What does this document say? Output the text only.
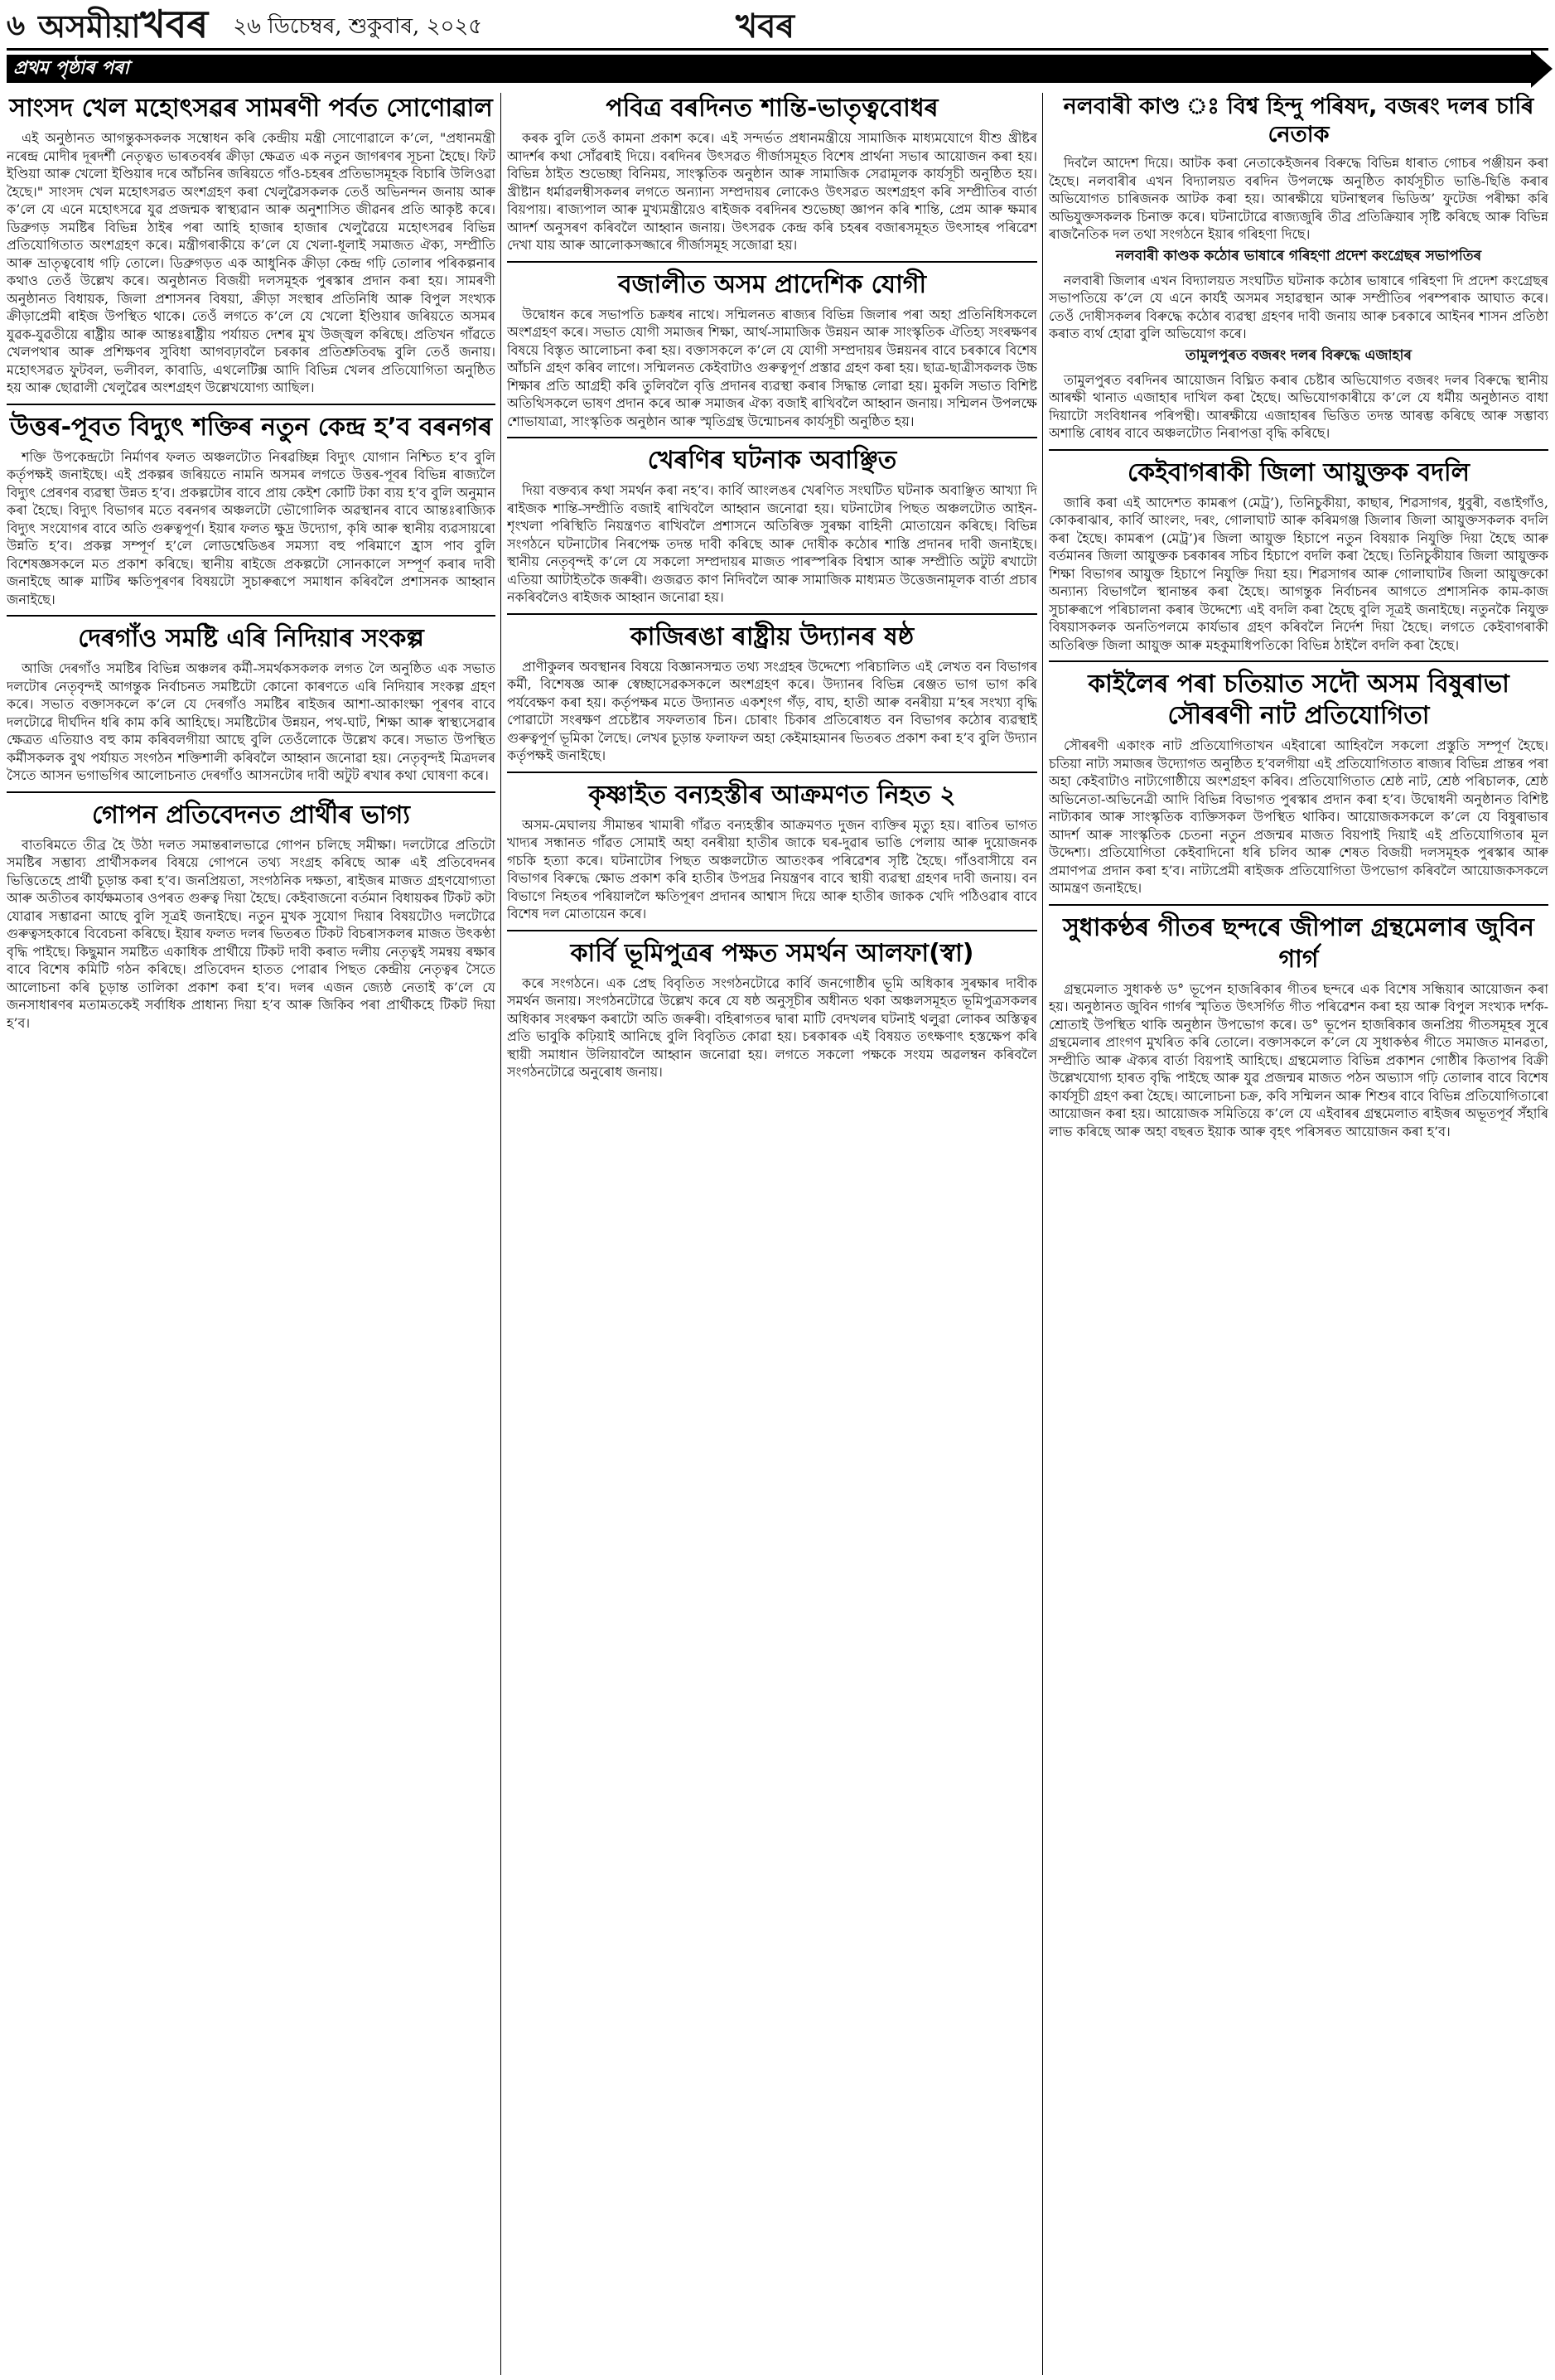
৬ অসমীয়াখবৰ ২৬ ডিচেম্বৰ, শুকুবাৰ, ২০২৫	খবৰ
প্ৰথম পৃষ্ঠাৰ পৰা
সাংসদ খেল মহোৎসৱৰ সামৰণী পৰ্বত সোণোৱাল

এই অনুষ্ঠানত আগন্তুকসকলক সম্বোধন কৰি কেন্দ্ৰীয় মন্ত্ৰী সোণোৱালে ক’লে, "প্ৰধানমন্ত্ৰী নৰেন্দ্ৰ মোদীৰ দূৰদৰ্শী নেতৃত্বত ভাৰতবৰ্ষৰ ক্ৰীড়া ক্ষেত্ৰত এক নতুন জাগৰণৰ সূচনা হৈছে। ফিট ইণ্ডিয়া আৰু খেলো ইণ্ডিয়াৰ দৰে আঁচনিৰ জৰিয়তে গাঁও-চহৰৰ প্ৰতিভাসমূহক বিচাৰি উলিওৱা হৈছে।" সাংসদ খেল মহোৎসৱত অংশগ্ৰহণ কৰা খেলুৱৈসকলক তেওঁ অভিনন্দন জনায় আৰু ক’লে যে এনে মহোৎসৱে যুৱ প্ৰজন্মক স্বাস্থ্যৱান আৰু অনুশাসিত জীৱনৰ প্ৰতি আকৃষ্ট কৰে। ডিব্ৰুগড় সমষ্টিৰ বিভিন্ন ঠাইৰ পৰা আহি হাজাৰ হাজাৰ খেলুৱৈয়ে মহোৎসৱৰ বিভিন্ন প্ৰতিযোগিতাত অংশগ্ৰহণ কৰে। মন্ত্ৰীগৰাকীয়ে ক’লে যে খেলা-ধূলাই সমাজত ঐক্য, সম্প্ৰীতি আৰু ভ্ৰাতৃত্ববোধ গঢ়ি তোলে। ডিব্ৰুগড়ত এক আধুনিক ক্ৰীড়া কেন্দ্ৰ গঢ়ি তোলাৰ পৰিকল্পনাৰ কথাও তেওঁ উল্লেখ কৰে। অনুষ্ঠানত বিজয়ী দলসমূহক পুৰস্কাৰ প্ৰদান কৰা হয়। সামৰণী অনুষ্ঠানত বিধায়ক, জিলা প্ৰশাসনৰ বিষয়া, ক্ৰীড়া সংস্থাৰ প্ৰতিনিধি আৰু বিপুল সংখ্যক ক্ৰীড়াপ্ৰেমী ৰাইজ উপস্থিত থাকে। তেওঁ লগতে ক’লে যে খেলো ইণ্ডিয়াৰ জৰিয়তে অসমৰ যুৱক-যুৱতীয়ে ৰাষ্ট্ৰীয় আৰু আন্তঃৰাষ্ট্ৰীয় পৰ্যায়ত দেশৰ মুখ উজ্জ্বল কৰিছে। প্ৰতিখন গাঁৱতে খেলপথাৰ আৰু প্ৰশিক্ষণৰ সুবিধা আগবঢ়াবলৈ চৰকাৰ প্ৰতিশ্ৰুতিবদ্ধ বুলি তেওঁ জনায়। মহোৎসৱত ফুটবল, ভলীবল, কাবাডি, এথলেটিক্স আদি বিভিন্ন খেলৰ প্ৰতিযোগিতা অনুষ্ঠিত হয় আৰু ছোৱালী খেলুৱৈৰ অংশগ্ৰহণ উল্লেখযোগ্য আছিল।

উত্তৰ-পূবত বিদ্যুৎ শক্তিৰ নতুন কেন্দ্ৰ হ’ব বৰনগৰ

শক্তি উপকেন্দ্ৰটো নিৰ্মাণৰ ফলত অঞ্চলটোত নিৰৱচ্ছিন্ন বিদ্যুৎ যোগান নিশ্চিত হ’ব বুলি কৰ্তৃপক্ষই জনাইছে। এই প্ৰকল্পৰ জৰিয়তে নামনি অসমৰ লগতে উত্তৰ-পূবৰ বিভিন্ন ৰাজ্যলৈ বিদ্যুৎ প্ৰেৰণৰ ব্যৱস্থা উন্নত হ’ব। প্ৰকল্পটোৰ বাবে প্ৰায় কেইশ কোটি টকা ব্যয় হ’ব বুলি অনুমান কৰা হৈছে। বিদ্যুৎ বিভাগৰ মতে বৰনগৰ অঞ্চলটো ভৌগোলিক অৱস্থানৰ বাবে আন্তঃৰাজ্যিক বিদ্যুৎ সংযোগৰ বাবে অতি গুৰুত্বপূৰ্ণ। ইয়াৰ ফলত ক্ষুদ্ৰ উদ্যোগ, কৃষি আৰু স্থানীয় ব্যৱসায়ৰো উন্নতি হ’ব। প্ৰকল্প সম্পূৰ্ণ হ’লে লোডশ্বেডিঙৰ সমস্যা বহু পৰিমাণে হ্ৰাস পাব বুলি বিশেষজ্ঞসকলে মত প্ৰকাশ কৰিছে। স্থানীয় ৰাইজে প্ৰকল্পটো সোনকালে সম্পূৰ্ণ কৰাৰ দাবী জনাইছে আৰু মাটিৰ ক্ষতিপূৰণৰ বিষয়টো সুচাৰুৰূপে সমাধান কৰিবলৈ প্ৰশাসনক আহ্বান জনাইছে।

দেৰগাঁও সমষ্টি এৰি নিদিয়াৰ সংকল্প

আজি দেৰগাঁও সমষ্টিৰ বিভিন্ন অঞ্চলৰ কৰ্মী-সমৰ্থকসকলক লগত লৈ অনুষ্ঠিত এক সভাত দলটোৰ নেতৃবৃন্দই আগন্তুক নিৰ্বাচনত সমষ্টিটো কোনো কাৰণতে এৰি নিদিয়াৰ সংকল্প গ্ৰহণ কৰে। সভাত বক্তাসকলে ক’লে যে দেৰগাঁও সমষ্টিৰ ৰাইজৰ আশা-আকাংক্ষা পূৰণৰ বাবে দলটোৱে দীৰ্ঘদিন ধৰি কাম কৰি আহিছে। সমষ্টিটোৰ উন্নয়ন, পথ-ঘাট, শিক্ষা আৰু স্বাস্থ্যসেৱাৰ ক্ষেত্ৰত এতিয়াও বহু কাম কৰিবলগীয়া আছে বুলি তেওঁলোকে উল্লেখ কৰে। সভাত উপস্থিত কৰ্মীসকলক বুথ পৰ্যায়ত সংগঠন শক্তিশালী কৰিবলৈ আহ্বান জনোৱা হয়। নেতৃবৃন্দই মিত্ৰদলৰ সৈতে আসন ভগাভগিৰ আলোচনাত দেৰগাঁও আসনটোৰ দাবী অটুট ৰখাৰ কথা ঘোষণা কৰে।

গোপন প্ৰতিবেদনত প্ৰাৰ্থীৰ ভাগ্য

বাতৰিমতে তীব্ৰ হৈ উঠা দলত সমান্তৰালভাৱে গোপন চলিছে সমীক্ষা। দলটোৱে প্ৰতিটো সমষ্টিৰ সম্ভাব্য প্ৰাৰ্থীসকলৰ বিষয়ে গোপনে তথ্য সংগ্ৰহ কৰিছে আৰু এই প্ৰতিবেদনৰ ভিত্তিতেহে প্ৰাৰ্থী চূড়ান্ত কৰা হ’ব। জনপ্ৰিয়তা, সংগঠনিক দক্ষতা, ৰাইজৰ মাজত গ্ৰহণযোগ্যতা আৰু অতীতৰ কাৰ্যক্ষমতাৰ ওপৰত গুৰুত্ব দিয়া হৈছে। কেইবাজনো বৰ্তমান বিধায়কৰ টিকট কটা যোৱাৰ সম্ভাৱনা আছে বুলি সূত্ৰই জনাইছে। নতুন মুখক সুযোগ দিয়াৰ বিষয়টোও দলটোৱে গুৰুত্বসহকাৰে বিবেচনা কৰিছে। ইয়াৰ ফলত দলৰ ভিতৰত টিকট বিচৰাসকলৰ মাজত উৎকণ্ঠা বৃদ্ধি পাইছে। কিছুমান সমষ্টিত একাধিক প্ৰাৰ্থীয়ে টিকট দাবী কৰাত দলীয় নেতৃত্বই সমন্বয় ৰক্ষাৰ বাবে বিশেষ কমিটি গঠন কৰিছে। প্ৰতিবেদন হাতত পোৱাৰ পিছত কেন্দ্ৰীয় নেতৃত্বৰ সৈতে আলোচনা কৰি চূড়ান্ত তালিকা প্ৰকাশ কৰা হ’ব। দলৰ এজন জ্যেষ্ঠ নেতাই ক’লে যে জনসাধাৰণৰ মতামতকেই সৰ্বাধিক প্ৰাধান্য দিয়া হ’ব আৰু জিকিব পৰা প্ৰাৰ্থীকহে টিকট দিয়া হ’ব।

পবিত্ৰ বৰদিনত শান্তি-ভাতৃত্ববোধৰ

কৰক বুলি তেওঁ কামনা প্ৰকাশ কৰে। এই সন্দৰ্ভত প্ৰধানমন্ত্ৰীয়ে সামাজিক মাধ্যমযোগে যীশু খ্ৰীষ্টৰ আদৰ্শৰ কথা সোঁৱৰাই দিয়ে। বৰদিনৰ উৎসৱত গীৰ্জাসমূহত বিশেষ প্ৰাৰ্থনা সভাৰ আয়োজন কৰা হয়। বিভিন্ন ঠাইত শুভেচ্ছা বিনিময়, সাংস্কৃতিক অনুষ্ঠান আৰু সামাজিক সেৱামূলক কাৰ্যসূচী অনুষ্ঠিত হয়। খ্ৰীষ্টান ধৰ্মাৱলম্বীসকলৰ লগতে অন্যান্য সম্প্ৰদায়ৰ লোকেও উৎসৱত অংশগ্ৰহণ কৰি সম্প্ৰীতিৰ বাৰ্তা বিয়পায়। ৰাজ্যপাল আৰু মুখ্যমন্ত্ৰীয়েও ৰাইজক বৰদিনৰ শুভেচ্ছা জ্ঞাপন কৰি শান্তি, প্ৰেম আৰু ক্ষমাৰ আদৰ্শ অনুসৰণ কৰিবলৈ আহ্বান জনায়। উৎসৱক কেন্দ্ৰ কৰি চহৰৰ বজাৰসমূহত উৎসাহৰ পৰিৱেশ দেখা যায় আৰু আলোকসজ্জাৰে গীৰ্জাসমূহ সজোৱা হয়।

বজালীত অসম প্ৰাদেশিক যোগী

উদ্বোধন কৰে সভাপতি চক্ৰধৰ নাথে। সন্মিলনত ৰাজ্যৰ বিভিন্ন জিলাৰ পৰা অহা প্ৰতিনিধিসকলে অংশগ্ৰহণ কৰে। সভাত যোগী সমাজৰ শিক্ষা, আৰ্থ-সামাজিক উন্নয়ন আৰু সাংস্কৃতিক ঐতিহ্য সংৰক্ষণৰ বিষয়ে বিস্তৃত আলোচনা কৰা হয়। বক্তাসকলে ক’লে যে যোগী সম্প্ৰদায়ৰ উন্নয়নৰ বাবে চৰকাৰে বিশেষ আঁচনি গ্ৰহণ কৰিব লাগে। সন্মিলনত কেইবাটাও গুৰুত্বপূৰ্ণ প্ৰস্তাৱ গ্ৰহণ কৰা হয়। ছাত্ৰ-ছাত্ৰীসকলক উচ্চ শিক্ষাৰ প্ৰতি আগ্ৰহী কৰি তুলিবলৈ বৃত্তি প্ৰদানৰ ব্যৱস্থা কৰাৰ সিদ্ধান্ত লোৱা হয়। মুকলি সভাত বিশিষ্ট অতিথিসকলে ভাষণ প্ৰদান কৰে আৰু সমাজৰ ঐক্য বজাই ৰাখিবলৈ আহ্বান জনায়। সন্মিলন উপলক্ষে শোভাযাত্ৰা, সাংস্কৃতিক অনুষ্ঠান আৰু স্মৃতিগ্ৰন্থ উন্মোচনৰ কাৰ্যসূচী অনুষ্ঠিত হয়।

খেৰণিৰ ঘটনাক অবাঞ্ছিত

দিয়া বক্তব্যৰ কথা সমৰ্থন কৰা নহ’ব। কাৰ্বি আংলঙৰ খেৰণিত সংঘটিত ঘটনাক অবাঞ্ছিত আখ্যা দি ৰাইজক শান্তি-সম্প্ৰীতি বজাই ৰাখিবলৈ আহ্বান জনোৱা হয়। ঘটনাটোৰ পিছত অঞ্চলটোত আইন-শৃংখলা পৰিস্থিতি নিয়ন্ত্ৰণত ৰাখিবলৈ প্ৰশাসনে অতিৰিক্ত সুৰক্ষা বাহিনী মোতায়েন কৰিছে। বিভিন্ন সংগঠনে ঘটনাটোৰ নিৰপেক্ষ তদন্ত দাবী কৰিছে আৰু দোষীক কঠোৰ শাস্তি প্ৰদানৰ দাবী জনাইছে। স্থানীয় নেতৃবৃন্দই ক’লে যে সকলো সম্প্ৰদায়ৰ মাজত পাৰস্পৰিক বিশ্বাস আৰু সম্প্ৰীতি অটুট ৰখাটো এতিয়া আটাইতকৈ জৰুৰী। গুজৱত কাণ নিদিবলৈ আৰু সামাজিক মাধ্যমত উত্তেজনামূলক বাৰ্তা প্ৰচাৰ নকৰিবলৈও ৰাইজক আহ্বান জনোৱা হয়।

কাজিৰঙা ৰাষ্ট্ৰীয় উদ্যানৰ ষষ্ঠ

প্ৰাণীকুলৰ অবস্থানৰ বিষয়ে বিজ্ঞানসন্মত তথ্য সংগ্ৰহৰ উদ্দেশ্যে পৰিচালিত এই লেখত বন বিভাগৰ কৰ্মী, বিশেষজ্ঞ আৰু স্বেচ্ছাসেৱকসকলে অংশগ্ৰহণ কৰে। উদ্যানৰ বিভিন্ন ৰেঞ্জত ভাগ ভাগ কৰি পৰ্যবেক্ষণ কৰা হয়। কৰ্তৃপক্ষৰ মতে উদ্যানত একশৃংগ গঁড়, বাঘ, হাতী আৰু বনৰীয়া ম’হৰ সংখ্যা বৃদ্ধি পোৱাটো সংৰক্ষণ প্ৰচেষ্টাৰ সফলতাৰ চিন। চোৰাং চিকাৰ প্ৰতিৰোধত বন বিভাগৰ কঠোৰ ব্যৱস্থাই গুৰুত্বপূৰ্ণ ভূমিকা লৈছে। লেখৰ চূড়ান্ত ফলাফল অহা কেইমাহমানৰ ভিতৰত প্ৰকাশ কৰা হ’ব বুলি উদ্যান কৰ্তৃপক্ষই জনাইছে।

কৃষ্ণাইত বন্যহস্তীৰ আক্ৰমণত নিহত ২

অসম-মেঘালয় সীমান্তৰ খামাৰী গাঁৱত বন্যহস্তীৰ আক্ৰমণত দুজন ব্যক্তিৰ মৃত্যু হয়। ৰাতিৰ ভাগত খাদ্যৰ সন্ধানত গাঁৱত সোমাই অহা বনৰীয়া হাতীৰ জাকে ঘৰ-দুৱাৰ ভাঙি পেলায় আৰু দুয়োজনক গচকি হত্যা কৰে। ঘটনাটোৰ পিছত অঞ্চলটোত আতংকৰ পৰিৱেশৰ সৃষ্টি হৈছে। গাঁওবাসীয়ে বন বিভাগৰ বিৰুদ্ধে ক্ষোভ প্ৰকাশ কৰি হাতীৰ উপদ্ৰৱ নিয়ন্ত্ৰণৰ বাবে স্থায়ী ব্যৱস্থা গ্ৰহণৰ দাবী জনায়। বন বিভাগে নিহতৰ পৰিয়াললৈ ক্ষতিপূৰণ প্ৰদানৰ আশ্বাস দিয়ে আৰু হাতীৰ জাকক খেদি পঠিওৱাৰ বাবে বিশেষ দল মোতায়েন কৰে।

কাৰ্বি ভূমিপুত্ৰৰ পক্ষত সমৰ্থন আলফা(স্বা)

কৰে সংগঠনে। এক প্ৰেছ বিবৃতিত সংগঠনটোৱে কাৰ্বি জনগোষ্ঠীৰ ভূমি অধিকাৰ সুৰক্ষাৰ দাবীক সমৰ্থন জনায়। সংগঠনটোৱে উল্লেখ কৰে যে ষষ্ঠ অনুসূচীৰ অধীনত থকা অঞ্চলসমূহত ভূমিপুত্ৰসকলৰ অধিকাৰ সংৰক্ষণ কৰাটো অতি জৰুৰী। বহিৰাগতৰ দ্বাৰা মাটি বেদখলৰ ঘটনাই থলুৱা লোকৰ অস্তিত্বৰ প্ৰতি ভাবুকি কঢ়িয়াই আনিছে বুলি বিবৃতিত কোৱা হয়। চৰকাৰক এই বিষয়ত তৎক্ষণাৎ হস্তক্ষেপ কৰি স্থায়ী সমাধান উলিয়াবলৈ আহ্বান জনোৱা হয়। লগতে সকলো পক্ষকে সংযম অৱলম্বন কৰিবলৈ সংগঠনটোৱে অনুৰোধ জনায়।

নলবাৰী কাণ্ড ঃ বিশ্ব হিন্দু পৰিষদ, বজৰং দলৰ চাৰি নেতাক

দিবলৈ আদেশ দিয়ে। আটক কৰা নেতাকেইজনৰ বিৰুদ্ধে বিভিন্ন ধাৰাত গোচৰ পঞ্জীয়ন কৰা হৈছে। নলবাৰীৰ এখন বিদ্যালয়ত বৰদিন উপলক্ষে অনুষ্ঠিত কাৰ্যসূচীত ভাঙি-ছিঙি কৰাৰ অভিযোগত চাৰিজনক আটক কৰা হয়। আৰক্ষীয়ে ঘটনাস্থলৰ ভিডিঅ’ ফুটেজ পৰীক্ষা কৰি অভিযুক্তসকলক চিনাক্ত কৰে। ঘটনাটোৱে ৰাজ্যজুৰি তীব্ৰ প্ৰতিক্ৰিয়াৰ সৃষ্টি কৰিছে আৰু বিভিন্ন ৰাজনৈতিক দল তথা সংগঠনে ইয়াৰ গৰিহণা দিছে।

নলবাৰী কাণ্ডক কঠোৰ ভাষাৰে গৰিহণা প্ৰদেশ কংগ্ৰেছৰ সভাপতিৰ

নলবাৰী জিলাৰ এখন বিদ্যালয়ত সংঘটিত ঘটনাক কঠোৰ ভাষাৰে গৰিহণা দি প্ৰদেশ কংগ্ৰেছৰ সভাপতিয়ে ক’লে যে এনে কাৰ্যই অসমৰ সহাৱস্থান আৰু সম্প্ৰীতিৰ পৰম্পৰাক আঘাত কৰে। তেওঁ দোষীসকলৰ বিৰুদ্ধে কঠোৰ ব্যৱস্থা গ্ৰহণৰ দাবী জনায় আৰু চৰকাৰে আইনৰ শাসন প্ৰতিষ্ঠা কৰাত ব্যৰ্থ হোৱা বুলি অভিযোগ কৰে।

তামুলপুৰত বজৰং দলৰ বিৰুদ্ধে এজাহাৰ

তামুলপুৰত বৰদিনৰ আয়োজন বিঘ্নিত কৰাৰ চেষ্টাৰ অভিযোগত বজৰং দলৰ বিৰুদ্ধে স্থানীয় আৰক্ষী থানাত এজাহাৰ দাখিল কৰা হৈছে। অভিযোগকাৰীয়ে ক’লে যে ধৰ্মীয় অনুষ্ঠানত বাধা দিয়াটো সংবিধানৰ পৰিপন্থী। আৰক্ষীয়ে এজাহাৰৰ ভিত্তিত তদন্ত আৰম্ভ কৰিছে আৰু সম্ভাব্য অশান্তি ৰোধৰ বাবে অঞ্চলটোত নিৰাপত্তা বৃদ্ধি কৰিছে।

কেইবাগৰাকী জিলা আয়ুক্তক বদলি

জাৰি কৰা এই আদেশত কামৰূপ (মেট্ৰ’), তিনিচুকীয়া, কাছাৰ, শিৱসাগৰ, ধুবুৰী, বঙাইগাঁও, কোকৰাঝাৰ, কাৰ্বি আংলং, দৰং, গোলাঘাট আৰু কৰিমগঞ্জ জিলাৰ জিলা আয়ুক্তসকলক বদলি কৰা হৈছে। কামৰূপ (মেট্ৰ’)ৰ জিলা আয়ুক্ত হিচাপে নতুন বিষয়াক নিযুক্তি দিয়া হৈছে আৰু বৰ্তমানৰ জিলা আয়ুক্তক চৰকাৰৰ সচিব হিচাপে বদলি কৰা হৈছে। তিনিচুকীয়াৰ জিলা আয়ুক্তক শিক্ষা বিভাগৰ আয়ুক্ত হিচাপে নিযুক্তি দিয়া হয়। শিৱসাগৰ আৰু গোলাঘাটৰ জিলা আয়ুক্তকো অন্যান্য বিভাগলৈ স্থানান্তৰ কৰা হৈছে। আগন্তুক নিৰ্বাচনৰ আগতে প্ৰশাসনিক কাম-কাজ সুচাৰুৰূপে পৰিচালনা কৰাৰ উদ্দেশ্যে এই বদলি কৰা হৈছে বুলি সূত্ৰই জনাইছে। নতুনকৈ নিযুক্ত বিষয়াসকলক অনতিপলমে কাৰ্যভাৰ গ্ৰহণ কৰিবলৈ নিৰ্দেশ দিয়া হৈছে। লগতে কেইবাগৰাকী অতিৰিক্ত জিলা আয়ুক্ত আৰু মহকুমাধিপতিকো বিভিন্ন ঠাইলৈ বদলি কৰা হৈছে।

কাইলৈৰ পৰা চতিয়াত সদৌ অসম বিষুৰাভা সৌৰৰণী নাট প্ৰতিযোগিতা

সৌৰৰণী একাংক নাট প্ৰতিযোগিতাখন এইবাৰো আহিবলৈ সকলো প্ৰস্তুতি সম্পূৰ্ণ হৈছে। চতিয়া নাট্য সমাজৰ উদ্যোগত অনুষ্ঠিত হ’বলগীয়া এই প্ৰতিযোগিতাত ৰাজ্যৰ বিভিন্ন প্ৰান্তৰ পৰা অহা কেইবাটাও নাট্যগোষ্ঠীয়ে অংশগ্ৰহণ কৰিব। প্ৰতিযোগিতাত শ্ৰেষ্ঠ নাট, শ্ৰেষ্ঠ পৰিচালক, শ্ৰেষ্ঠ অভিনেতা-অভিনেত্ৰী আদি বিভিন্ন বিভাগত পুৰস্কাৰ প্ৰদান কৰা হ’ব। উদ্বোধনী অনুষ্ঠানত বিশিষ্ট নাট্যকাৰ আৰু সাংস্কৃতিক ব্যক্তিসকল উপস্থিত থাকিব। আয়োজকসকলে ক’লে যে বিষুৰাভাৰ আদৰ্শ আৰু সাংস্কৃতিক চেতনা নতুন প্ৰজন্মৰ মাজত বিয়পাই দিয়াই এই প্ৰতিযোগিতাৰ মূল উদ্দেশ্য। প্ৰতিযোগিতা কেইবাদিনো ধৰি চলিব আৰু শেষত বিজয়ী দলসমূহক পুৰস্কাৰ আৰু প্ৰমাণপত্ৰ প্ৰদান কৰা হ’ব। নাট্যপ্ৰেমী ৰাইজক প্ৰতিযোগিতা উপভোগ কৰিবলৈ আয়োজকসকলে আমন্ত্ৰণ জনাইছে।

সুধাকণ্ঠৰ গীতৰ ছন্দৰে জীপাল গ্ৰন্থমেলাৰ জুবিন গাৰ্গ

গ্ৰন্থমেলাত সুধাকণ্ঠ ড° ভূপেন হাজৰিকাৰ গীতৰ ছন্দৰে এক বিশেষ সন্ধিয়াৰ আয়োজন কৰা হয়। অনুষ্ঠানত জুবিন গাৰ্গৰ স্মৃতিত উৎসৰ্গিত গীত পৰিৱেশন কৰা হয় আৰু বিপুল সংখ্যক দৰ্শক-শ্ৰোতাই উপস্থিত থাকি অনুষ্ঠান উপভোগ কৰে। ড° ভূপেন হাজৰিকাৰ জনপ্ৰিয় গীতসমূহৰ সুৰে গ্ৰন্থমেলাৰ প্ৰাংগণ মুখৰিত কৰি তোলে। বক্তাসকলে ক’লে যে সুধাকণ্ঠৰ গীতে সমাজত মানৱতা, সম্প্ৰীতি আৰু ঐক্যৰ বাৰ্তা বিয়পাই আহিছে। গ্ৰন্থমেলাত বিভিন্ন প্ৰকাশন গোষ্ঠীৰ কিতাপৰ বিক্ৰী উল্লেখযোগ্য হাৰত বৃদ্ধি পাইছে আৰু যুৱ প্ৰজন্মৰ মাজত পঠন অভ্যাস গঢ়ি তোলাৰ বাবে বিশেষ কাৰ্যসূচী গ্ৰহণ কৰা হৈছে। আলোচনা চক্ৰ, কবি সন্মিলন আৰু শিশুৰ বাবে বিভিন্ন প্ৰতিযোগিতাৰো আয়োজন কৰা হয়। আয়োজক সমিতিয়ে ক’লে যে এইবাৰৰ গ্ৰন্থমেলাত ৰাইজৰ অভূতপূৰ্ব সঁহাৰি লাভ কৰিছে আৰু অহা বছৰত ইয়াক আৰু বৃহৎ পৰিসৰত আয়োজন কৰা হ’ব।
